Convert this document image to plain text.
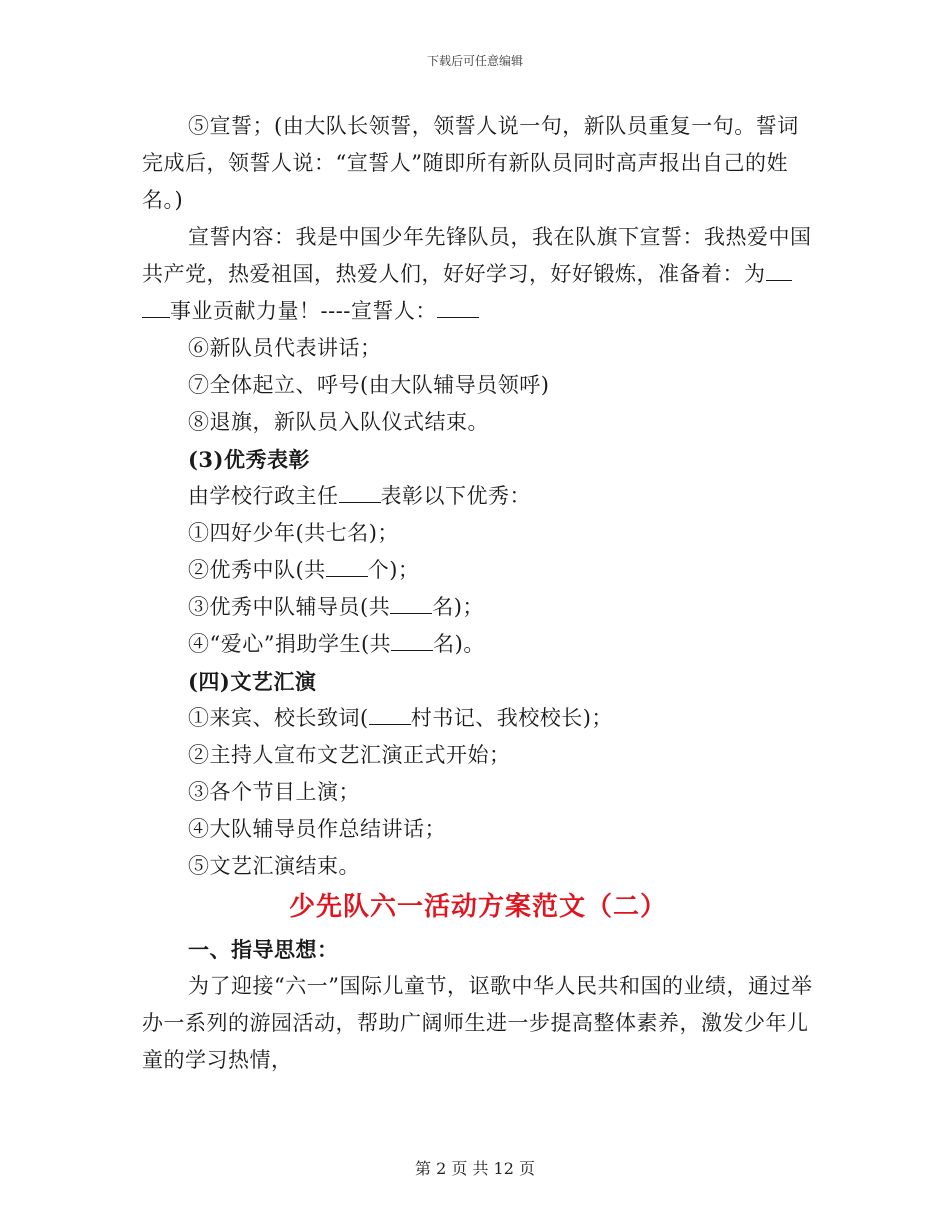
下载后可任意编辑

⑤宣誓；(由大队长领誓，领誓人说一句，新队员重复一句。誓词完成后，领誓人说：“宣誓人”随即所有新队员同时高声报出自己的姓名。)

宣誓内容：我是中国少年先锋队员，我在队旗下宣誓：我热爱中国共产党，热爱祖国，热爱人们，好好学习，好好锻炼，准备着：为事业贡献力量！----宣誓人：

⑥新队员代表讲话；

⑦全体起立、呼号(由大队辅导员领呼)

⑧退旗，新队员入队仪式结束。

(3)优秀表彰

由学校行政主任 表彰以下优秀：

①四好少年(共七名)；

②优秀中队(共 个)；

③优秀中队辅导员(共 名)；

④“爱心”捐助学生(共 名)。

(四)文艺汇演

①来宾、校长致词( 村书记、我校校长)；

②主持人宣布文艺汇演正式开始；

③各个节目上演；

④大队辅导员作总结讲话；

⑤文艺汇演结束。

少先队六一活动方案范文（二）

一、指导思想：

为了迎接“六一”国际儿童节，讴歌中华人民共和国的业绩，通过举办一系列的游园活动，帮助广阔师生进一步提高整体素养，激发少年儿童的学习热情，

第 2 页 共 12 页
